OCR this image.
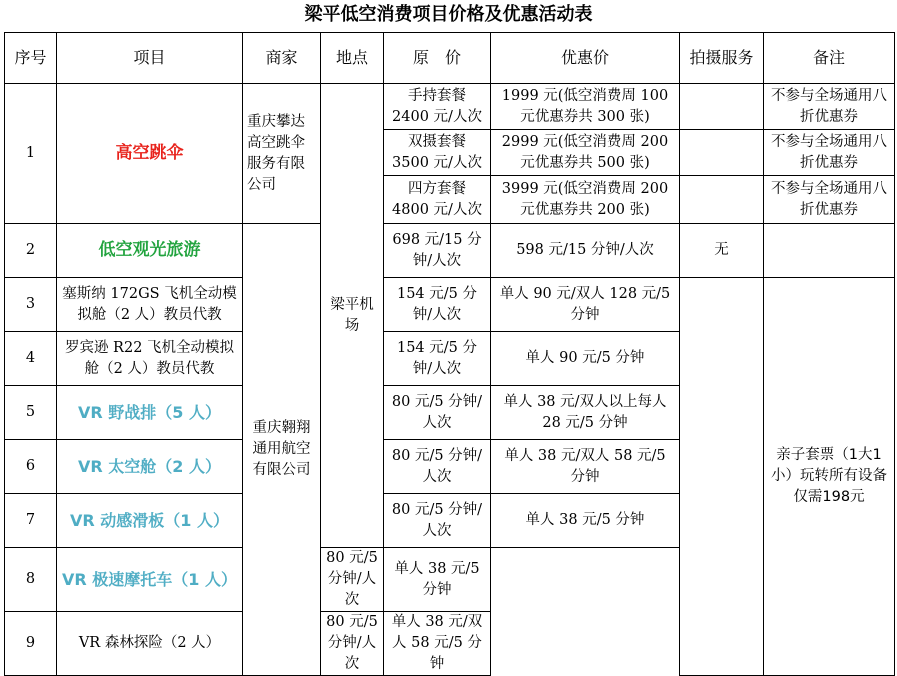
梁平低空消费项目价格及优惠活动表
序号	项目	商家	地点	原　价	优惠价	拍摄服务	备注
1	高空跳伞	重庆攀达高空跳伞服务有限公司	梁平机场	手持套餐 2400 元/人次	1999 元(低空消费周 100 元优惠券共 300 张)		不参与全场通用八折优惠券
				双摄套餐 3500 元/人次	2999 元(低空消费周 200 元优惠券共 500 张)		不参与全场通用八折优惠券
				四方套餐 4800 元/人次	3999 元(低空消费周 200 元优惠券共 200 张)		不参与全场通用八折优惠券
2	低空观光旅游	重庆翱翔通用航空有限公司		698 元/15 分钟/人次	598 元/15 分钟/人次	无	
3	塞斯纳 172GS 飞机全动模拟舱（2 人）教员代教			154 元/5 分钟/人次	单人 90 元/双人 128 元/5 分钟		亲子套票（1大1小）玩转所有设备仅需198元
4	罗宾逊 R22 飞机全动模拟舱（2 人）教员代教			154 元/5 分钟/人次	单人 90 元/5 分钟		
5	VR 野战排（5 人）			80 元/5 分钟/人次	单人 38 元/双人以上每人 28 元/5 分钟		
6	VR 太空舱（2 人）			80 元/5 分钟/人次	单人 38 元/双人 58 元/5 分钟		
7	VR 动感滑板（1 人）			80 元/5 分钟/人次	单人 38 元/5 分钟		
8	VR 极速摩托车（1 人）		80 元/5 分钟/人次	单人 38 元/5 分钟			
9	VR 森林探险（2 人）		80 元/5 分钟/人次	单人 38 元/双人 58 元/5 分钟			
